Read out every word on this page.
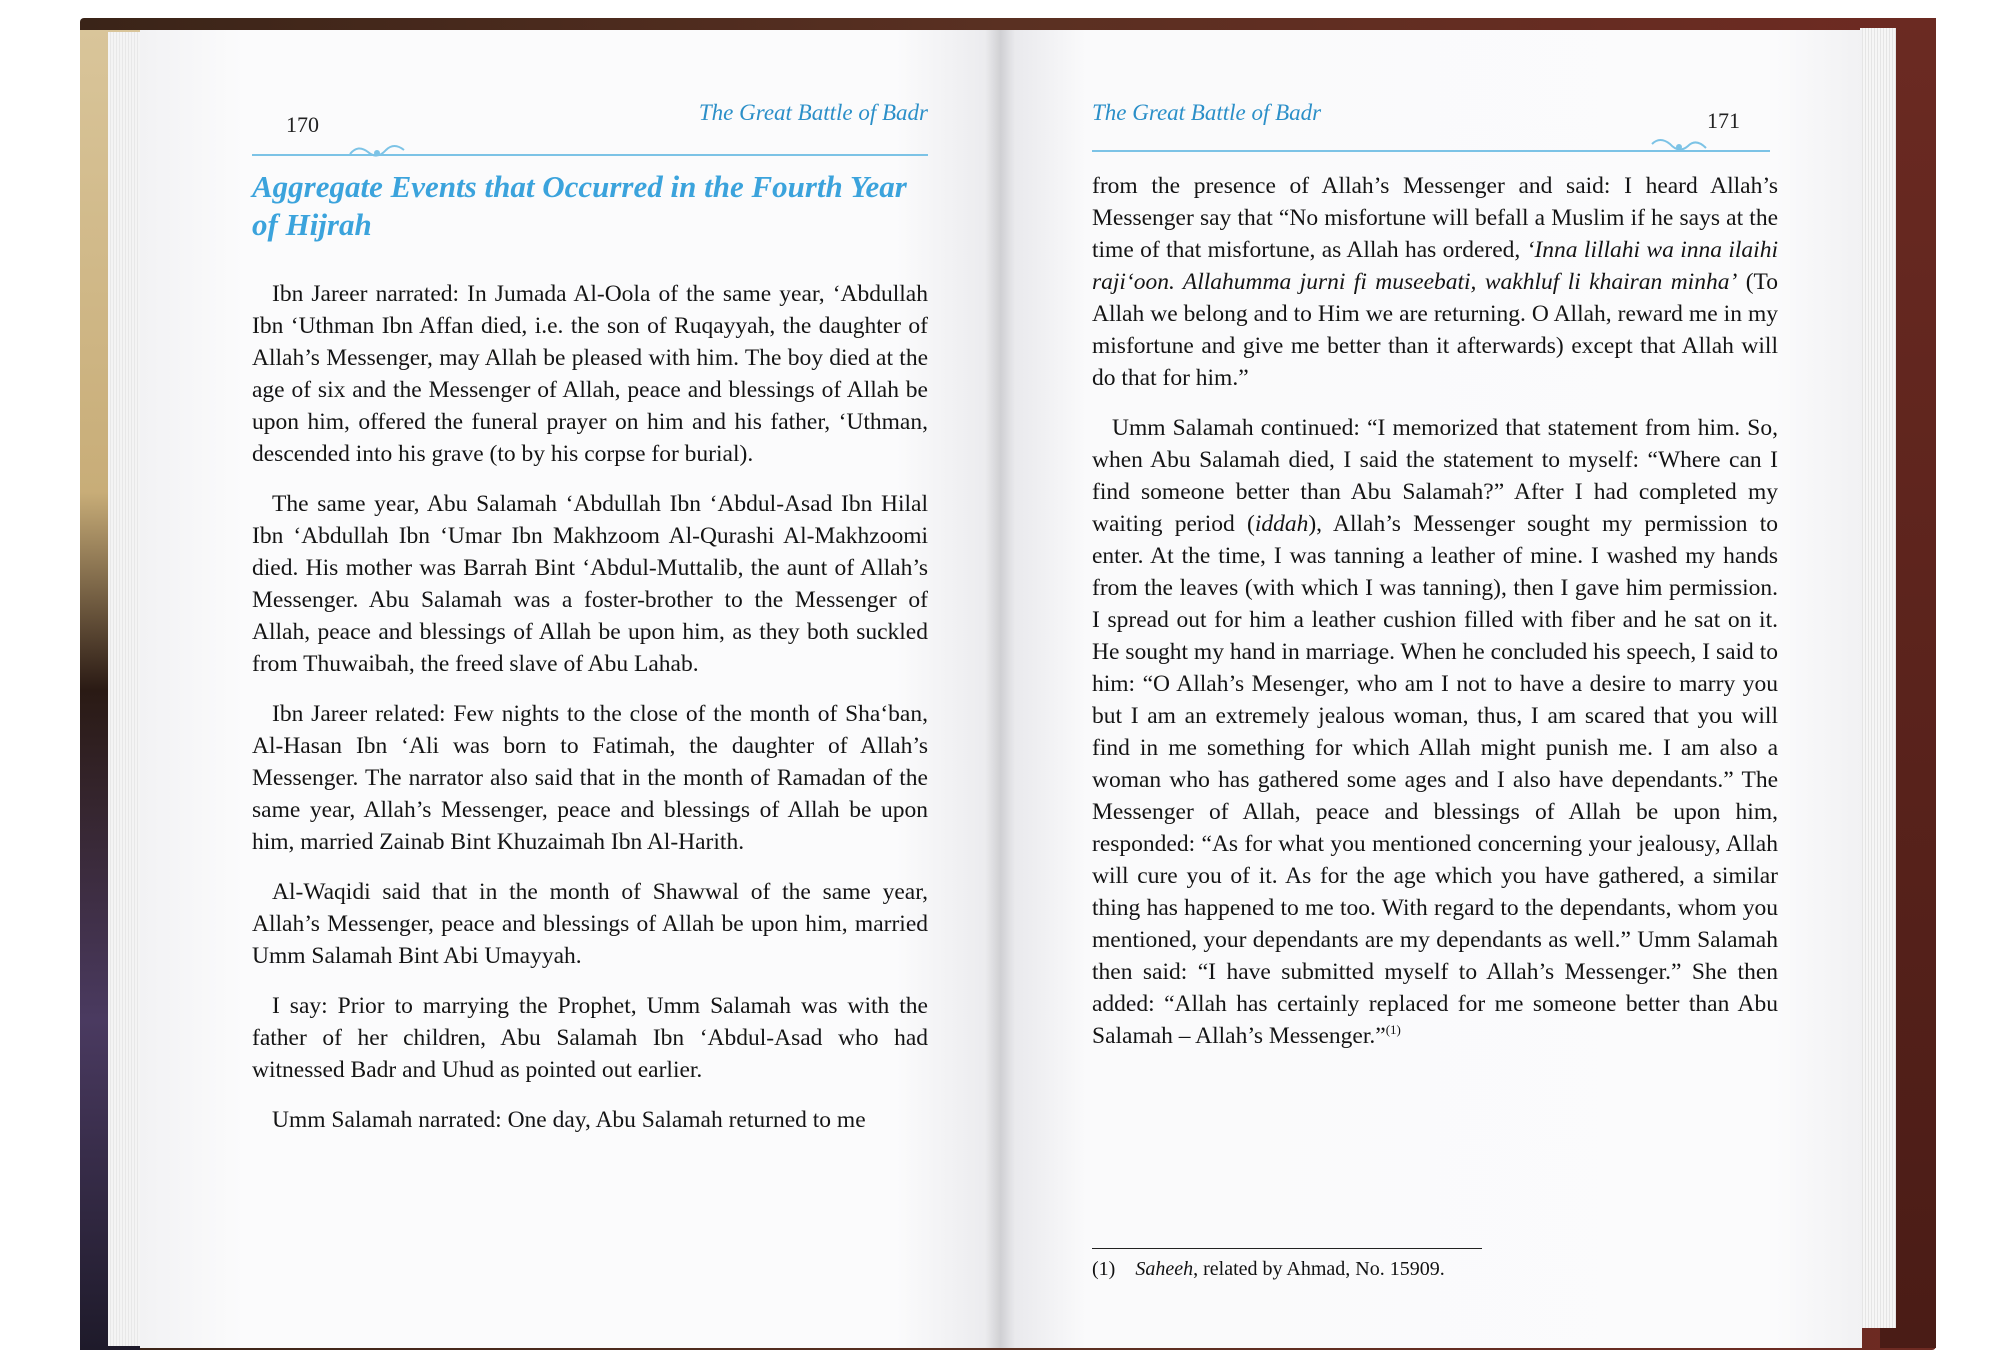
170	The Great Battle of Badr	The Great Battle of Badr	171
Aggregate Events that Occurred in the Fourth Year of Hijrah

Ibn Jareer narrated: In Jumada Al-Oola of the same year, ‘Abdullah Ibn ‘Uthman Ibn Affan died, i.e. the son of Ruqayyah, the daughter of Allah’s Messenger, may Allah be pleased with him. The boy died at the age of six and the Messenger of Allah, peace and blessings of Allah be upon him, offered the funeral prayer on him and his father, ‘Uthman, descended into his grave (to by his corpse for burial).

The same year, Abu Salamah ‘Abdullah Ibn ‘Abdul-Asad Ibn Hilal Ibn ‘Abdullah Ibn ‘Umar Ibn Makhzoom Al-Qurashi Al-Makhzoomi died. His mother was Barrah Bint ‘Abdul-Muttalib, the aunt of Allah’s Messenger. Abu Salamah was a foster-brother to the Messenger of Allah, peace and blessings of Allah be upon him, as they both suckled from Thuwaibah, the freed slave of Abu Lahab.

Ibn Jareer related: Few nights to the close of the month of Sha‘ban, Al-Hasan Ibn ‘Ali was born to Fatimah, the daughter of Allah’s Messenger. The narrator also said that in the month of Ramadan of the same year, Allah’s Messenger, peace and blessings of Allah be upon him, married Zainab Bint Khuzaimah Ibn Al-Harith.

Al-Waqidi said that in the month of Shawwal of the same year, Allah’s Messenger, peace and blessings of Allah be upon him, married Umm Salamah Bint Abi Umayyah.

I say: Prior to marrying the Prophet, Umm Salamah was with the father of her children, Abu Salamah Ibn ‘Abdul-Asad who had witnessed Badr and Uhud as pointed out earlier.

Umm Salamah narrated: One day, Abu Salamah returned to me

from the presence of Allah’s Messenger and said: I heard Allah’s Messenger say that “No misfortune will befall a Muslim if he says at the time of that misfortune, as Allah has ordered, ‘Inna lillahi wa inna ilaihi raji‘oon. Allahumma jurni fi museebati, wakhluf li khairan minha’ (To Allah we belong and to Him we are returning. O Allah, reward me in my misfortune and give me better than it afterwards) except that Allah will do that for him.”

Umm Salamah continued: “I memorized that statement from him. So, when Abu Salamah died, I said the statement to myself: “Where can I find someone better than Abu Salamah?” After I had completed my waiting period (iddah), Allah’s Messenger sought my permission to enter. At the time, I was tanning a leather of mine. I washed my hands from the leaves (with which I was tanning), then I gave him permission. I spread out for him a leather cushion filled with fiber and he sat on it. He sought my hand in marriage. When he concluded his speech, I said to him: “O Allah’s Mesenger, who am I not to have a desire to marry you but I am an extremely jealous woman, thus, I am scared that you will find in me something for which Allah might punish me. I am also a woman who has gathered some ages and I also have dependants.” The Messenger of Allah, peace and blessings of Allah be upon him, responded: “As for what you mentioned concerning your jealousy, Allah will cure you of it. As for the age which you have gathered, a similar thing has happened to me too. With regard to the dependants, whom you mentioned, your dependants are my dependants as well.” Umm Salamah then said: “I have submitted myself to Allah’s Messenger.” She then added: “Allah has certainly replaced for me someone better than Abu Salamah – Allah’s Messenger.”$^{(1)}$

(1) Saheeh, related by Ahmad, No. 15909.
